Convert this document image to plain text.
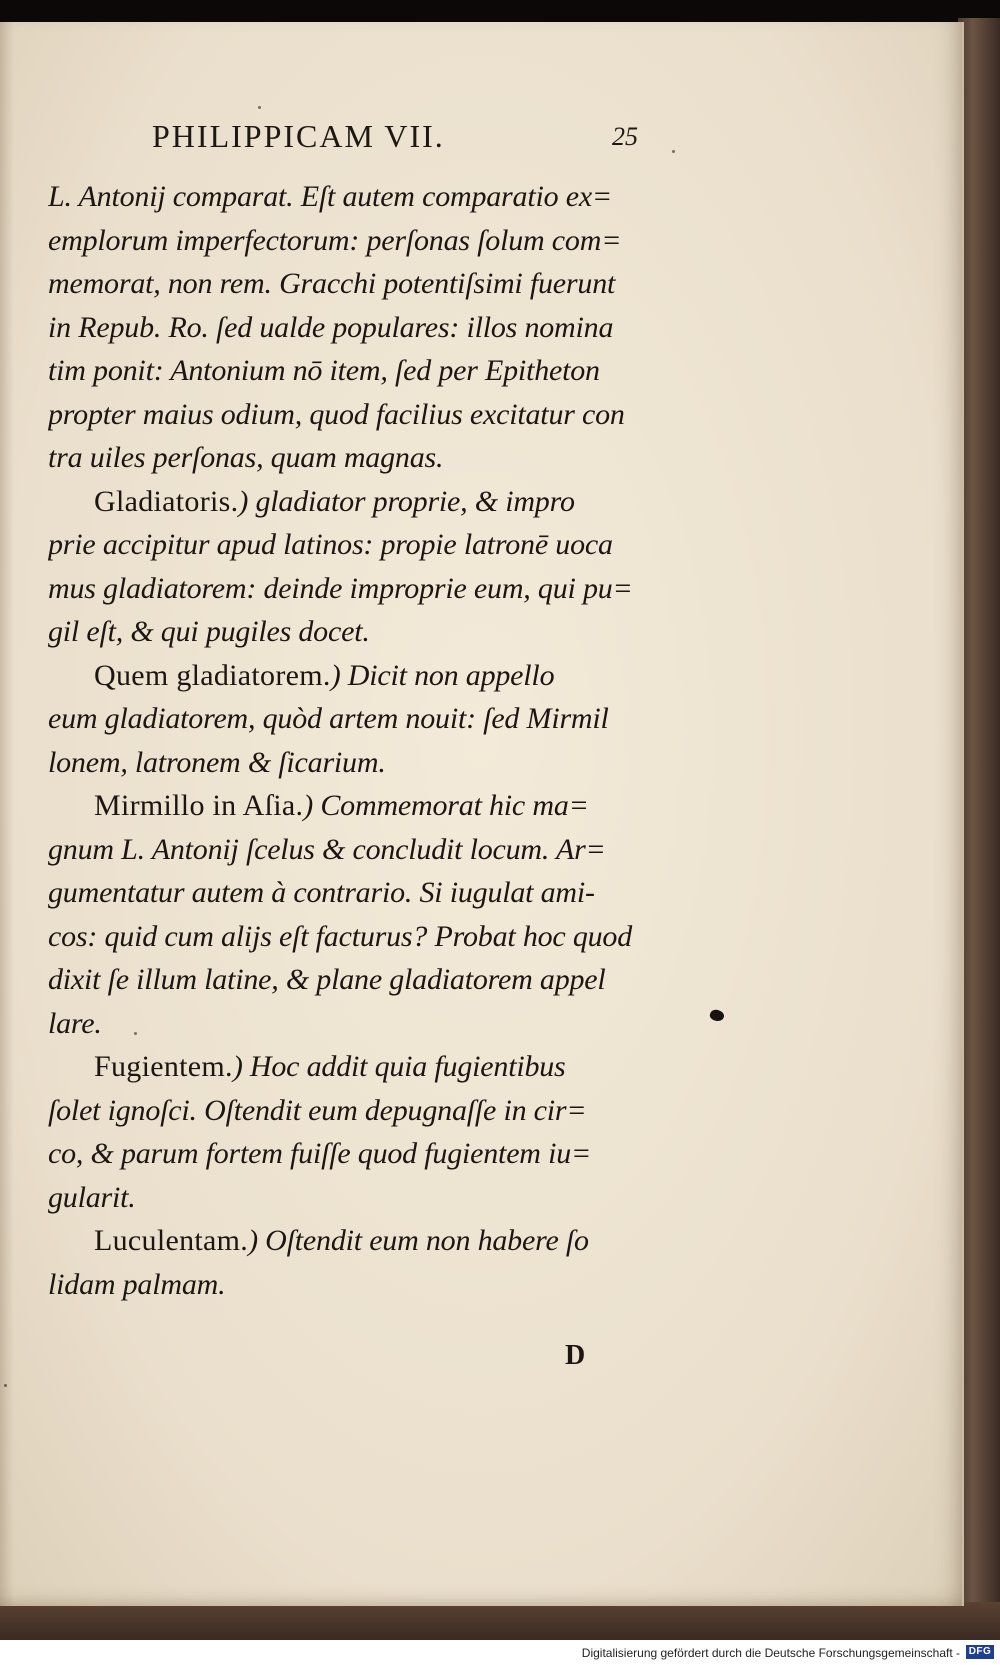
PHILIPPICAM VII.	25
L. Antonij comparat. Eſt autem comparatio ex=
emplorum imperfectorum: perſonas ſolum com=
memorat, non rem. Gracchi potentiſsimi fuerunt
in Repub. Ro. ſed ualde populares: illos nomina
tim ponit: Antonium nō item, ſed per Epitheton
propter maius odium, quod facilius excitatur con
tra uiles perſonas, quam magnas.
Gladiatoris.) gladiator proprie, & impro
prie accipitur apud latinos: propie latronē uoca
mus gladiatorem: deinde improprie eum, qui pu=
gil eſt, & qui pugiles docet.
Quem gladiatorem.) Dicit non appello
eum gladiatorem, quòd artem nouit: ſed Mirmil
lonem, latronem & ſicarium.
Mirmillo in Aſia.) Commemorat hic ma=
gnum L. Antonij ſcelus & concludit locum. Ar=
gumentatur autem à contrario. Si iugulat ami-
cos: quid cum alijs eſt facturus? Probat hoc quod
dixit ſe illum latine, & plane gladiatorem appel
lare.
Fugientem.) Hoc addit quia fugientibus
ſolet ignoſci. Oſtendit eum depugnaſſe in cir=
co, & parum fortem fuiſſe quod fugientem iu=
gularit.
Luculentam.) Oſtendit eum non habere ſo
lidam palmam.
D
Digitalisierung gefördert durch die Deutsche Forschungsgemeinschaft - DFG
